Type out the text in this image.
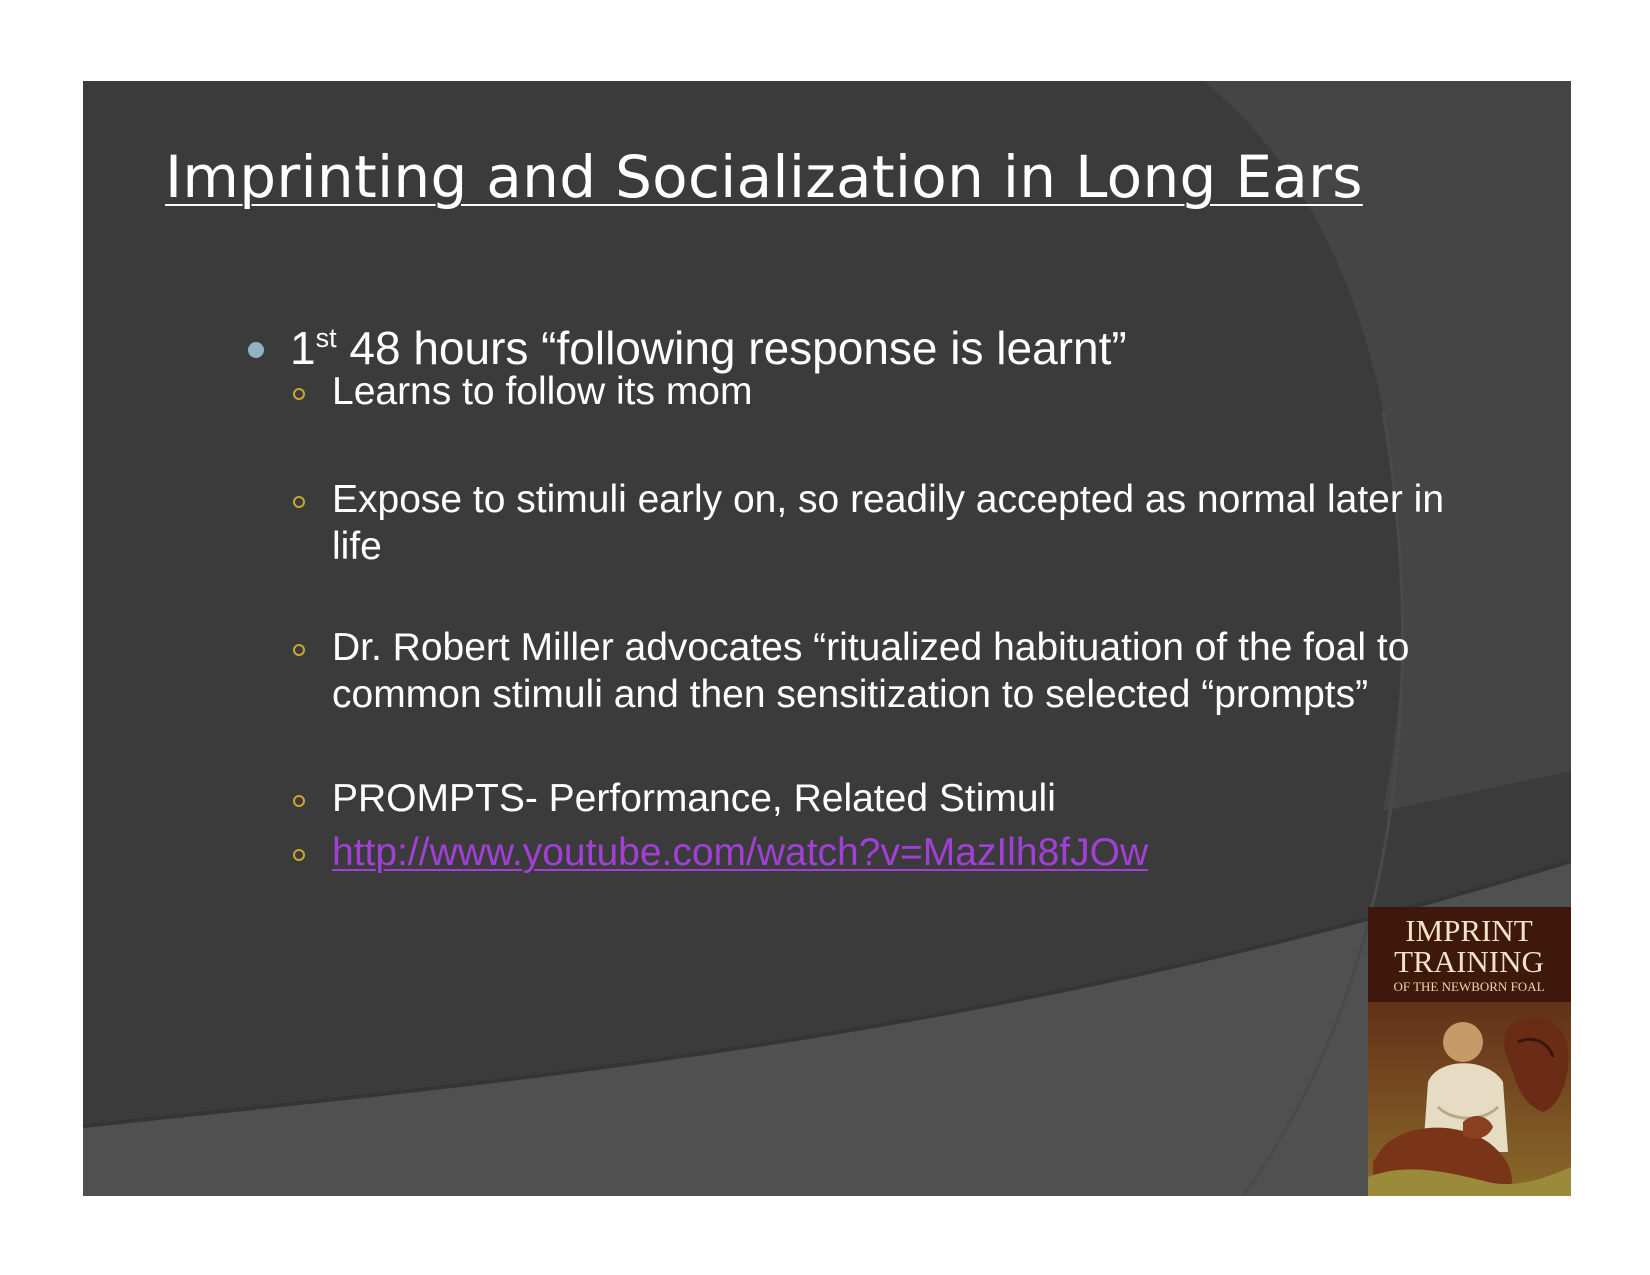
Imprinting and Socialization in Long Ears
1st 48 hours “following response is learnt”
Learns to follow its mom
Expose to stimuli early on, so readily accepted as normal later in life
Dr. Robert Miller advocates “ritualized habituation of the foal to common stimuli and then sensitization to selected “prompts”
PROMPTS- Performance, Related Stimuli
http://www.youtube.com/watch?v=MazIlh8fJOw
IMPRINT
TRAINING
OF THE NEWBORN FOAL
